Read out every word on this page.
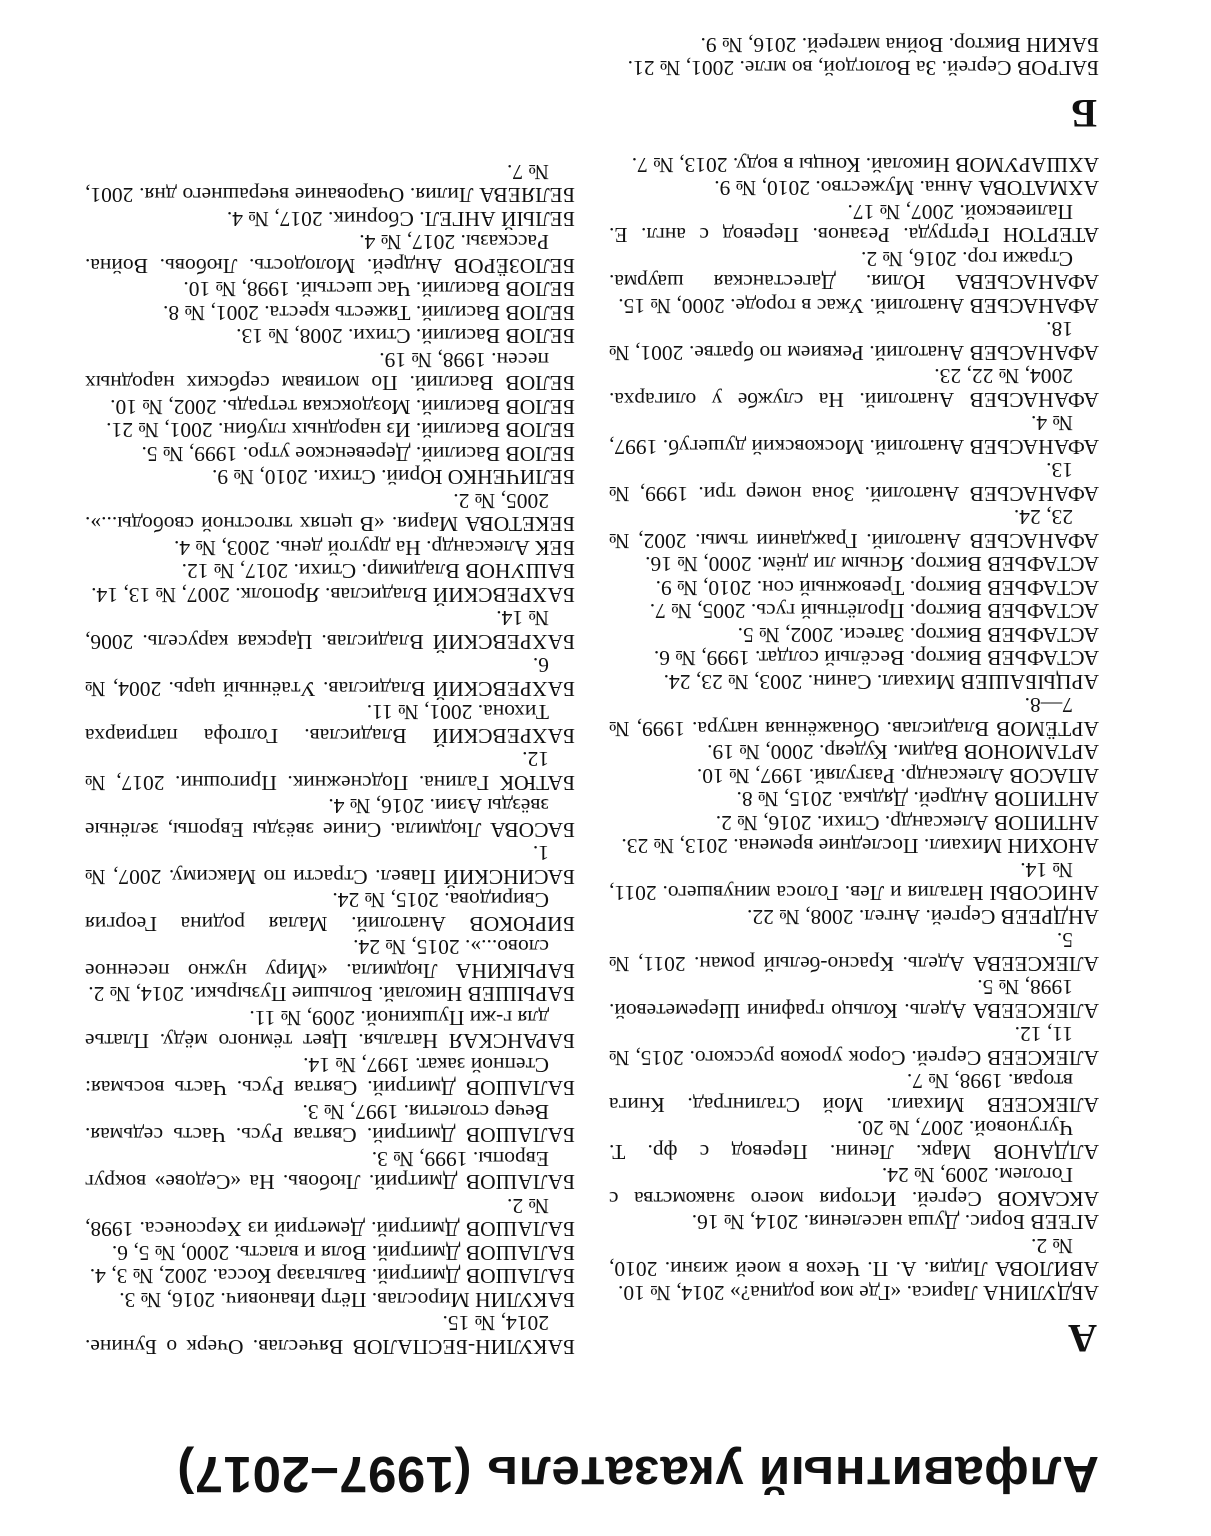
Алфавитный указатель (1997–2017)
А
АБДУЛИНА Лариса. «Где моя родина?» 2014, № 10.
АВИЛОВА Лидия. А. П. Чехов в моей жизни. 2010, № 2.
АГЕЕВ Борис. Душа населения. 2014, № 16.
АКСАКОВ Сергей. История моего знакомства с Гоголем. 2009, № 24.
АЛДАНОВ Марк. Ленин. Перевод с фр. Т. Чугуновой. 2007, № 20.
АЛЕКСЕЕВ Михаил. Мой Сталинград. Книга вторая. 1998, № 7.
АЛЕКСЕЕВ Сергей. Сорок уроков русского. 2015, № 11, 12.
АЛЕКСЕЕВА Адель. Кольцо графини Шереметевой. 1998, № 5.
АЛЕКСЕЕВА Адель. Красно-белый роман. 2011, № 5.
АНДРЕЕВ Сергей. Ангел. 2008, № 22.
АНИСОВЫ Наталия и Лев. Голоса минувшего. 2011, № 14.
АНОХИН Михаил. Последние времена. 2013, № 23.
АНТИПОВ Александр. Стихи. 2016, № 2.
АНТИПОВ Андрей. Дядька. 2015, № 8.
АПАСОВ Александр. Разгуляй. 1997, № 10.
АРТАМОНОВ Вадим. Кудеяр. 2000, № 19.
АРТЁМОВ Владислав. Обнажённая натура. 1999, № 7—8.
АРЦЫБАШЕВ Михаил. Санин. 2003, № 23, 24.
АСТАФЬЕВ Виктор. Весёлый солдат. 1999, № 6.
АСТАФЬЕВ Виктор. Затеси. 2002, № 5.
АСТАФЬЕВ Виктор. Пролётный гусь. 2005, № 7.
АСТАФЬЕВ Виктор. Тревожный сон. 2010, № 9.
АСТАФЬЕВ Виктор. Ясным ли днём. 2000, № 16.
АФАНАСЬЕВ Анатолий. Граждании тьмы. 2002, № 23, 24.
АФАНАСЬЕВ Анатолий. Зона номер три. 1999, № 13.
АФАНАСЬЕВ Анатолий. Московский душегуб. 1997, № 4.
АФАНАСЬЕВ Анатолий. На службе у олигарха. 2004, № 22, 23.
АФАНАСЬЕВ Анатолий. Реквием по братве. 2001, № 18.
АФАНАСЬЕВ Анатолий. Ужас в городе. 2000, № 15.
АФАНАСЬЕВА Юлия. Дагестанская шаурма. Стражи гор. 2016, № 2.
АТЕРТОН Гертруда. Резанов. Перевод с англ. Е. Палиевской. 2007, № 17.
АХМАТОВА Анна. Мужество. 2010, № 9.
АХШАРУМОВ Николай. Концы в воду. 2013, № 7.
Б
БАГРОВ Сергей. За Вологдой, во мгле. 2001, № 21.
БАКИН Виктор. Война матерей. 2016, № 9.
БАКУЛИН-БЕСПАЛОВ Вячеслав. Очерк о Бунине. 2014, № 15.
БАКУЛИН Мирослав. Пётр Иванович. 2016, № 3.
БАЛАШОВ Дмитрий. Бальтазар Косса. 2002, № 3, 4.
БАЛАШОВ Дмитрий. Воля и власть. 2000, № 5, 6.
БАЛАШОВ Дмитрий. Деметрий из Херсонеса. 1998, № 2.
БАЛАШОВ Дмитрий. Любовь. На «Седове» вокруг Европы. 1999, № 3.
БАЛАШОВ Дмитрий. Святая Русь. Часть седьмая. Вечер столетия. 1997, № 3.
БАЛАШОВ Дмитрий. Святая Русь. Часть восьмая: Степной закат. 1997, № 14.
БАРАНСКАЯ Наталья. Цвет тёмного мёду. Платье для г-жи Пушкиной. 2009, № 11.
БАРЫШЕВ Николай. Большие Пузырьки. 2014, № 2.
БАРЫКИНА Людмила. «Миру нужно песенное слово...». 2015, № 24.
БИРЮКОВ Анатолий. Малая родина Георгия Свиридова. 2015, № 24.
БАСИНСКИЙ Павел. Страсти по Максиму. 2007, № 1.
БАСОВА Людмила. Синие звёзды Европы, зелёные звёзды Азии. 2016, № 4.
БАТЮК Галина. Подснежник. Пригошни. 2017, № 12.
БАХРЕВСКИЙ Владислав. Голгофа патриарха Тихона. 2001, № 11.
БАХРЕВСКИЙ Владислав. Утаённый царь. 2004, № 6.
БАХРЕВСКИЙ Владислав. Царская карусель. 2006, № 14.
БАХРЕВСКИЙ Владислав. Ярополк. 2007, № 13, 14.
БАШУНОВ Владимир. Стихи. 2017, № 12.
БЕК Александр. На другой день. 2003, № 4.
БЕКЕТОВА Мария. «В цепях тягостной свободы...». 2005, № 2.
БЕЛИЧЕНКО Юрий. Стихи. 2010, № 9.
БЕЛОВ Василий. Деревенское утро. 1999, № 5.
БЕЛОВ Василий. Из народных глубин. 2001, № 21.
БЕЛОВ Василий. Моздокская тетрадь. 2002, № 10.
БЕЛОВ Василий. По мотивам сербских народных песен. 1998, № 19.
БЕЛОВ Василий. Стихи. 2008, № 13.
БЕЛОВ Василий. Тяжесть креста. 2001, № 8.
БЕЛОВ Василий. Час шестый. 1998, № 10.
БЕЛОЗЁРОВ Андрей. Молодость. Любовь. Война. Рассказы. 2017, № 4.
БЕЛЫЙ АНГЕЛ. Сборник. 2017, № 4.
БЕЛЯЕВА Лилия. Очарование вчерашнего дня. 2001, № 7.
